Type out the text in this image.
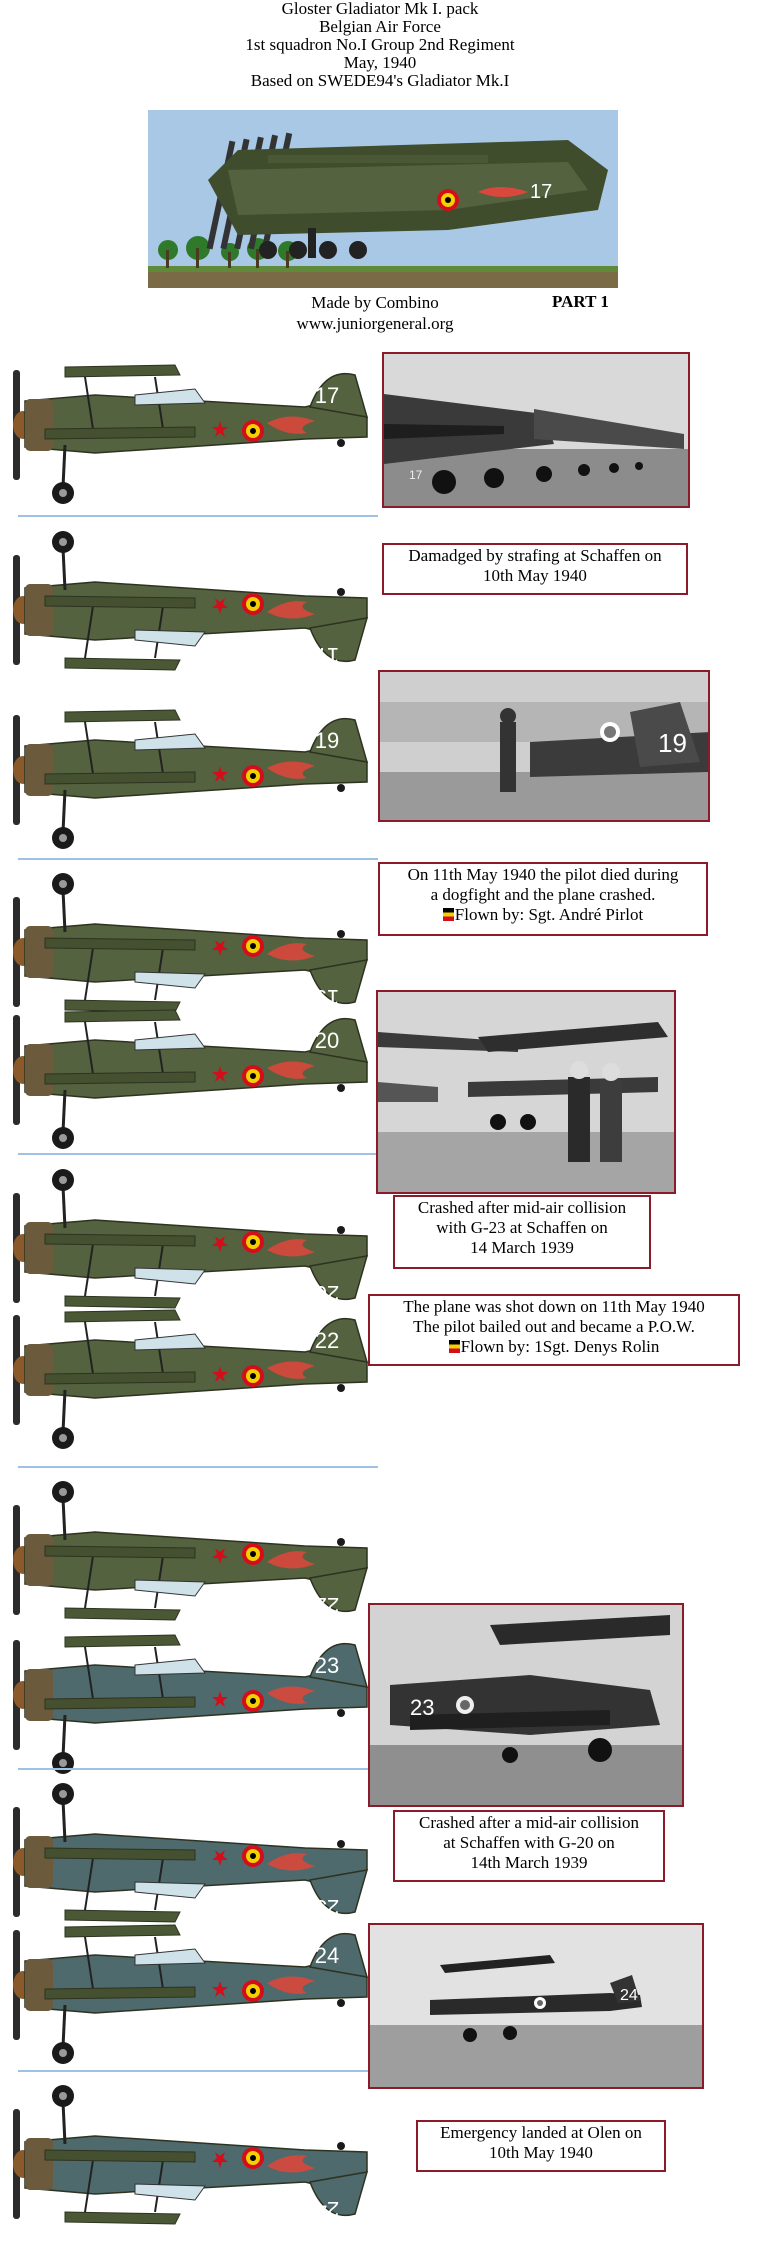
Gloster Gladiator Mk I. pack
Belgian Air Force
1st squadron No.I Group 2nd Regiment
May, 1940
Based on SWEDE94's Gladiator Mk.I
17
Made by Combino
www.juniorgeneral.org
PART 1
17
17
19
19
20
20
22
22
23
23
24
24
17
Damadged by strafing at Schaffen on
10th May 1940
19
On 11th May 1940 the pilot died during
a dogfight and the plane crashed.
Flown by: Sgt. André Pirlot
Crashed after mid-air collision
with G-23 at Schaffen on
14 March 1939
The plane was shot down on 11th May 1940
The pilot bailed out and became a P.O.W.
Flown by: 1Sgt. Denys Rolin
23
Crashed after a mid-air collision
at Schaffen with G-20 on
14th March 1939
24
Emergency landed at Olen on
10th May 1940
